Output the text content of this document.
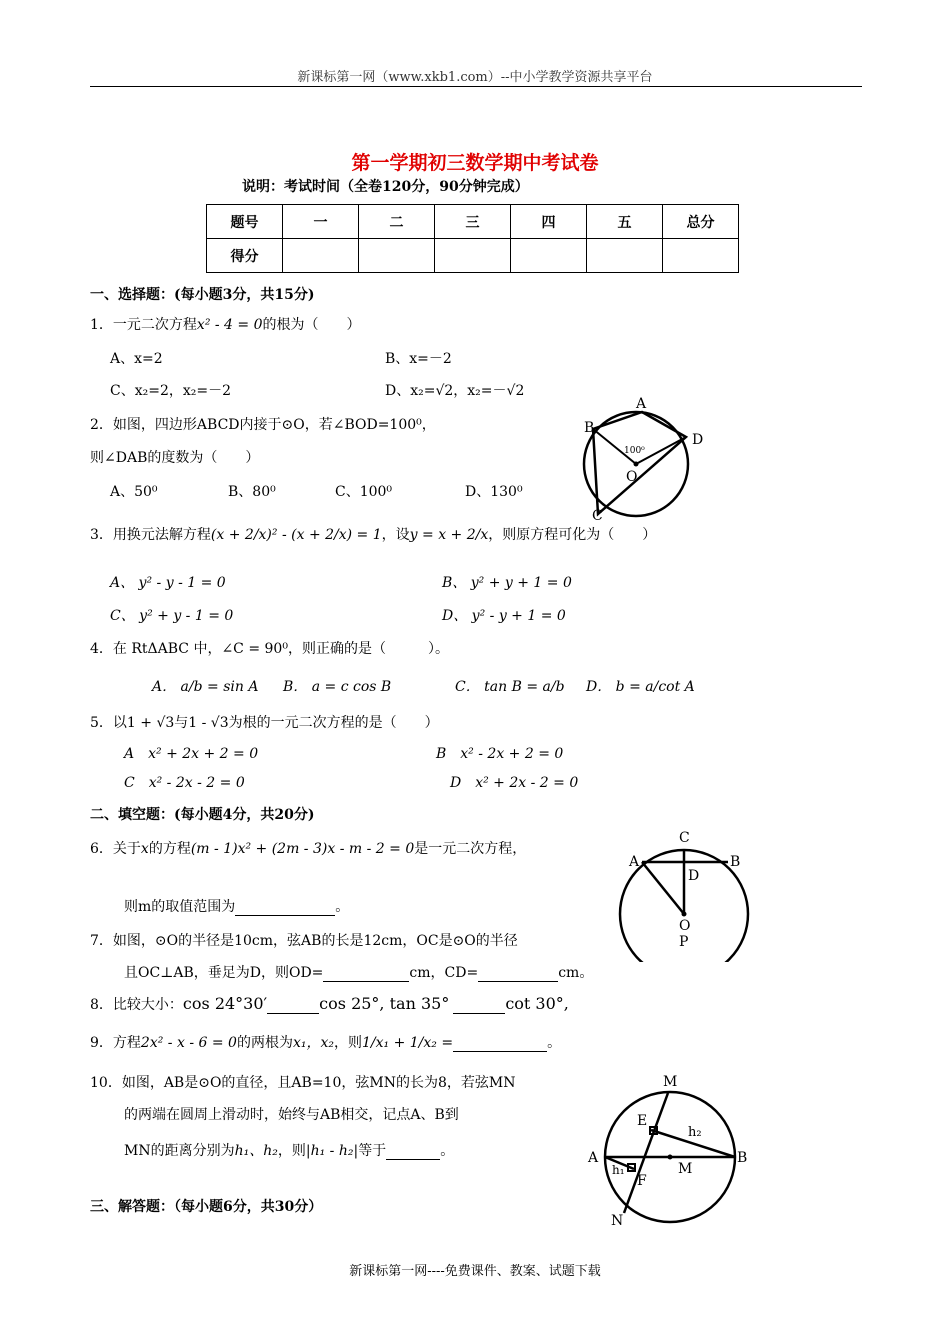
新课标第一网（www.xkb1.com）--中小学教学资源共享平台
第一学期初三数学期中考试卷
说明：考试时间（全卷120分，90分钟完成）
题号	一	二	三	四	五	总分
得分						
一、选择题：(每小题3分，共15分)
1．一元二次方程x² - 4 = 0的根为（　　）
A、x=2	B、x=－2
C、x₂=2，x₂=－2	D、x₂=√2，x₂=－√2
2．如图，四边形ABCD内接于⊙O，若∠BOD=100⁰，
则∠DAB的度数为（　　）
A、50⁰	B、80⁰	C、100⁰	D、130⁰
3．用换元法解方程(x + 2/x)² - (x + 2/x) = 1，设y = x + 2/x，则原方程可化为（　　）
A、 y² - y - 1 = 0	B、 y² + y + 1 = 0
C、 y² + y - 1 = 0	D、 y² - y + 1 = 0
4．在 RtΔABC 中，∠C = 90⁰，则正确的是（　　　）。
A． a/b = sin A B． a = c cos B	C． tan B = a/b D． b = a/cot A
5．以1 + √3与1 - √3为根的一元二次方程的是（　　）
A　x² + 2x + 2 = 0	B　x² - 2x + 2 = 0
C　x² - 2x - 2 = 0	D　x² + 2x - 2 = 0
二、填空题：(每小题4分，共20分)
6．关于x的方程(m - 1)x² + (2m - 3)x - m - 2 = 0是一元二次方程，
则m的取值范围为	。
7．如图，⊙O的半径是10cm，弦AB的长是12cm，OC是⊙O的半径
且OC⊥AB，垂足为D，则OD=	cm，CD=	cm。
8．比较大小：cos 24°30′	cos 25°, tan 35°	cot 30°,
9．方程2x² - x - 6 = 0的两根为x₁，x₂，则1/x₁ + 1/x₂ =	。
10．如图，AB是⊙O的直径，且AB=10，弦MN的长为8，若弦MN
的两端在圆周上滑动时，始终与AB相交，记点A、B到
MN的距离分别为h₁、h₂，则|h₁ - h₂|等于	。
三、解答题：（每小题6分，共30分）
A
B
D
C
O
100⁰
C
A	B
D
O
P
M
E
h₂
A	B
h₁	M
F
N
新课标第一网----免费课件、教案、试题下载
